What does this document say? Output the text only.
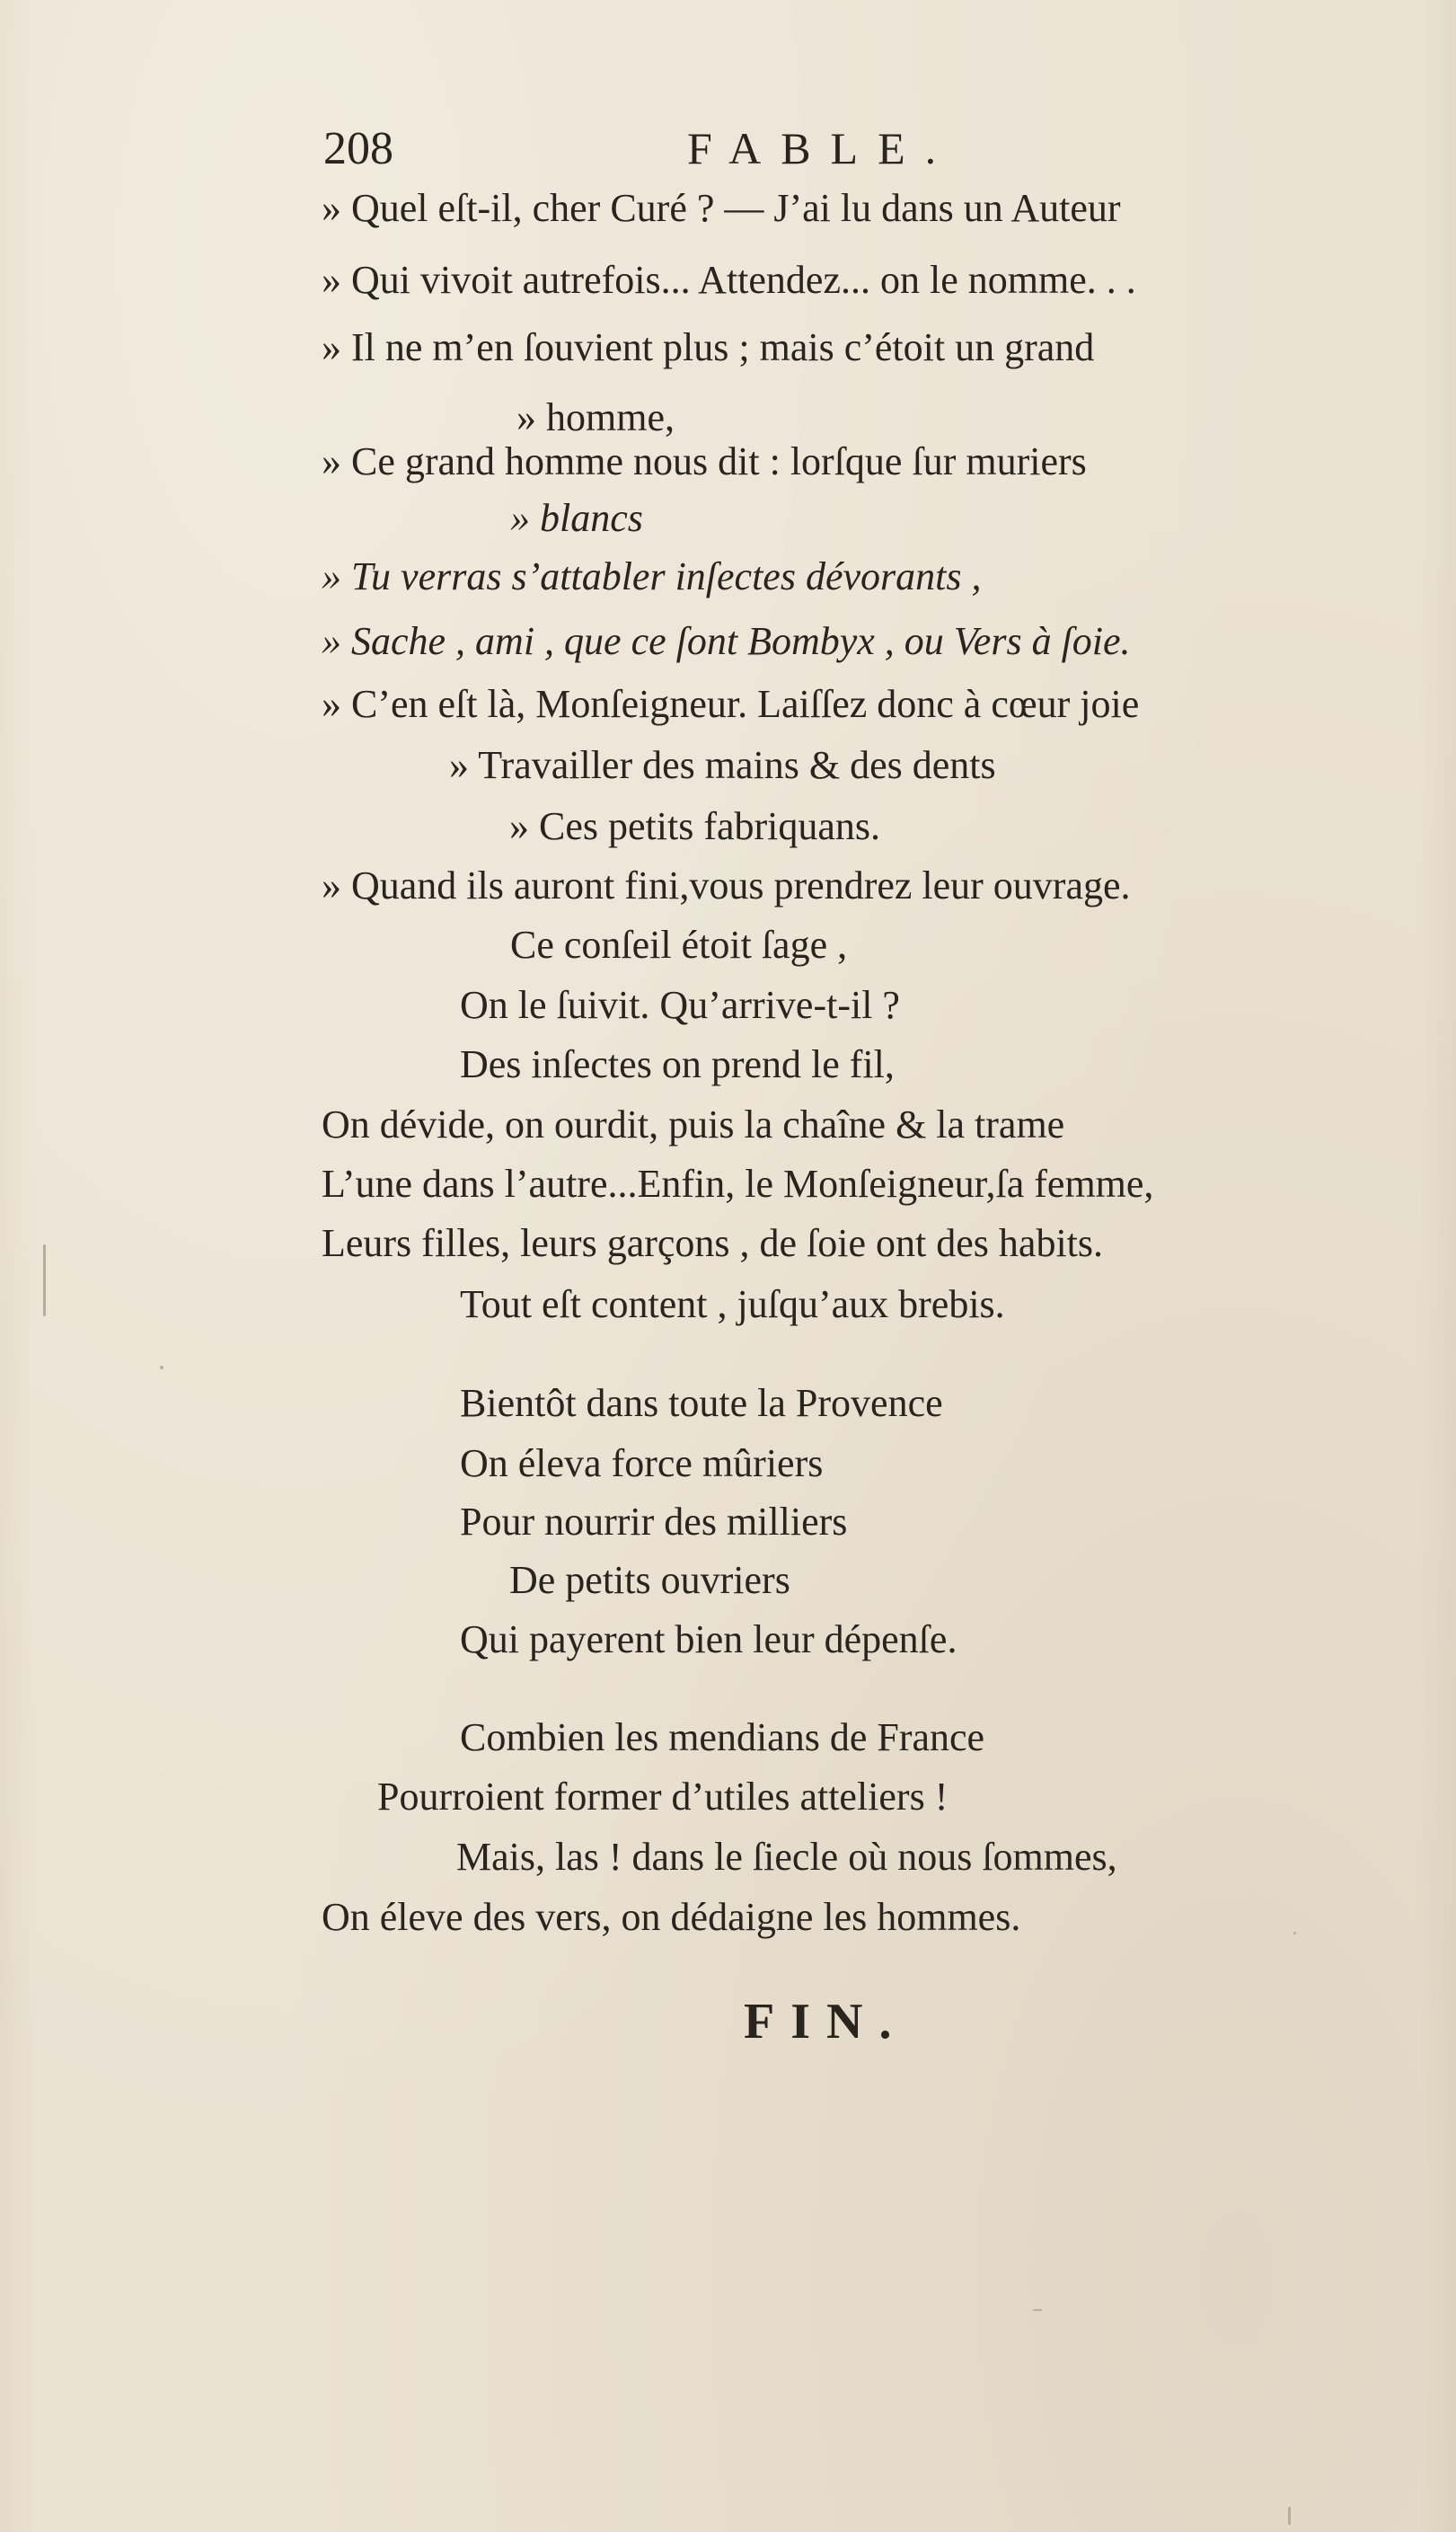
208	FABLE.
» Quel eſt-il, cher Curé ? — J’ai lu dans un Auteur
» Qui vivoit autrefois... Attendez... on le nomme. . .
» Il ne m’en ſouvient plus ; mais c’étoit un grand
» homme,
» Ce grand homme nous dit : lorſque ſur muriers
» blancs
» Tu verras s’attabler inſectes dévorants ,
» Sache , ami , que ce ſont Bombyx , ou Vers à ſoie.
» C’en eſt là, Monſeigneur. Laiſſez donc à cœur joie
» Travailler des mains & des dents
» Ces petits fabriquans.
» Quand ils auront fini,vous prendrez leur ouvrage.
Ce conſeil étoit ſage ,
On le ſuivit. Qu’arrive-t-il ?
Des inſectes on prend le fil,
On dévide, on ourdit, puis la chaîne & la trame
L’une dans l’autre...Enfin, le Monſeigneur,ſa femme,
Leurs filles, leurs garçons , de ſoie ont des habits.
Tout eſt content , juſqu’aux brebis.
Bientôt dans toute la Provence
On éleva force mûriers
Pour nourrir des milliers
De petits ouvriers
Qui payerent bien leur dépenſe.
Combien les mendians de France
Pourroient former d’utiles atteliers !
Mais, las ! dans le ſiecle où nous ſommes,
On éleve des vers, on dédaigne les hommes.
FIN.
